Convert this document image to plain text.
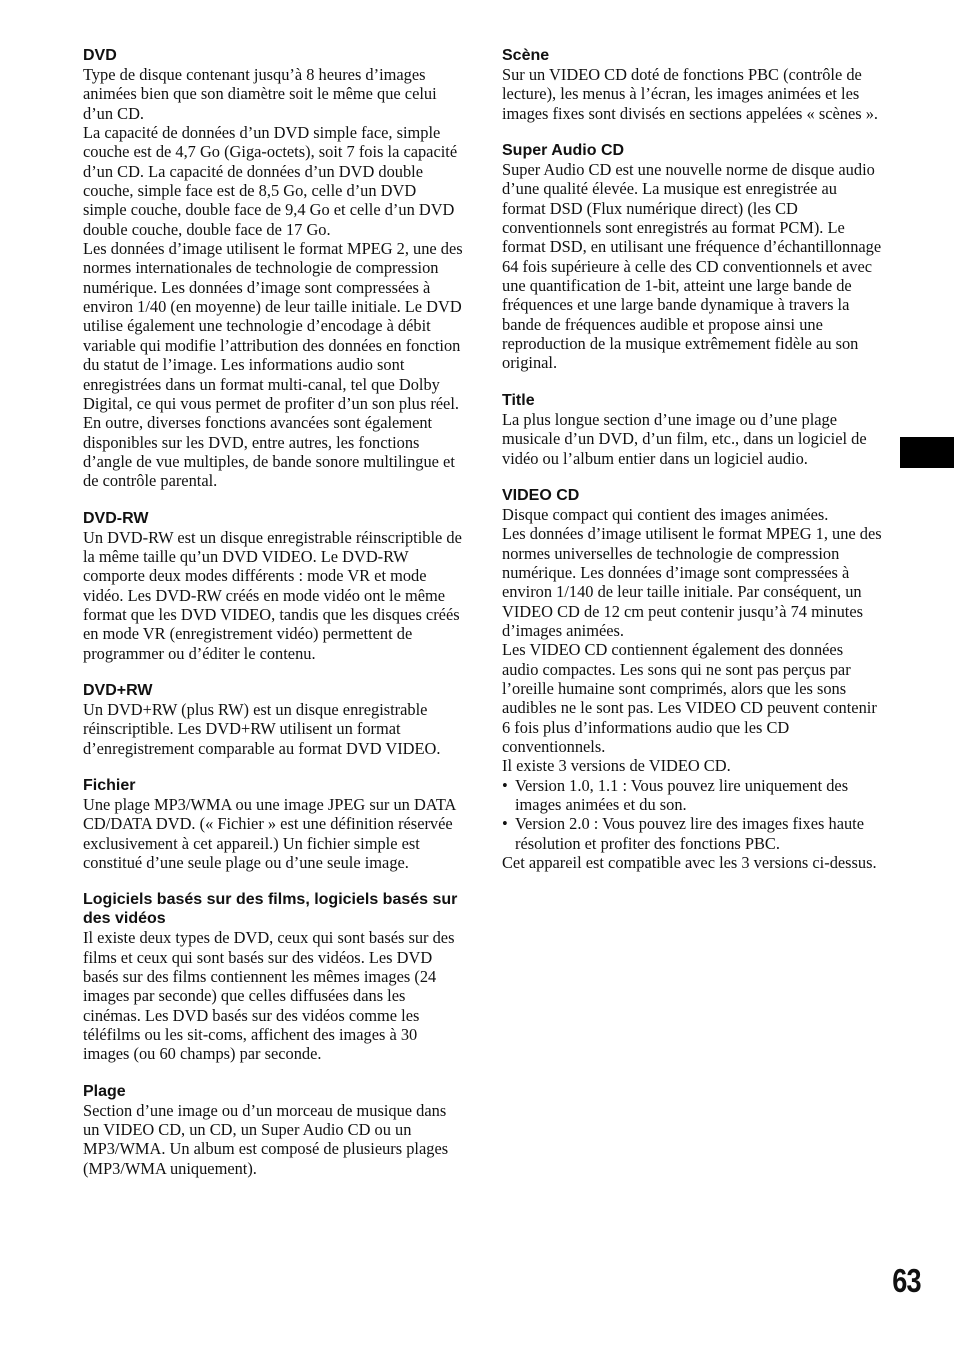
DVD

Type de disque contenant jusqu’à 8 heures d’images animées bien que son diamètre soit le même que celui d’un CD.

La capacité de données d’un DVD simple face, simple couche est de 4,7 Go (Giga-octets), soit 7 fois la capacité d’un CD. La capacité de données d’un DVD double couche, simple face est de 8,5 Go, celle d’un DVD simple couche, double face de 9,4 Go et celle d’un DVD double couche, double face de 17 Go.

Les données d’image utilisent le format MPEG 2, une des normes internationales de technologie de compression numérique. Les données d’image sont compressées à environ 1/40 (en moyenne) de leur taille initiale. Le DVD utilise également une technologie d’encodage à débit variable qui modifie l’attribution des données en fonction du statut de l’image. Les informations audio sont enregistrées dans un format multi-canal, tel que Dolby Digital, ce qui vous permet de profiter d’un son plus réel.

En outre, diverses fonctions avancées sont également disponibles sur les DVD, entre autres, les fonctions d’angle de vue multiples, de bande sonore multilingue et de contrôle parental.

DVD-RW

Un DVD-RW est un disque enregistrable réinscriptible de la même taille qu’un DVD VIDEO. Le DVD-RW comporte deux modes différents : mode VR et mode vidéo. Les DVD-RW créés en mode vidéo ont le même format que les DVD VIDEO, tandis que les disques créés en mode VR (enregistrement vidéo) permettent de programmer ou d’éditer le contenu.

DVD+RW

Un DVD+RW (plus RW) est un disque enregistrable réinscriptible. Les DVD+RW utilisent un format d’enregistrement comparable au format DVD VIDEO.

Fichier

Une plage MP3/WMA ou une image JPEG sur un DATA CD/DATA DVD. (« Fichier » est une définition réservée exclusivement à cet appareil.) Un fichier simple est constitué d’une seule plage ou d’une seule image.

Logiciels basés sur des films, logiciels basés sur des vidéos

Il existe deux types de DVD, ceux qui sont basés sur des films et ceux qui sont basés sur des vidéos. Les DVD basés sur des films contiennent les mêmes images (24 images par seconde) que celles diffusées dans les cinémas. Les DVD basés sur des vidéos comme les téléfilms ou les sit-coms, affichent des images à 30 images (ou 60 champs) par seconde.

Plage

Section d’une image ou d’un morceau de musique dans un VIDEO CD, un CD, un Super Audio CD ou un MP3/WMA. Un album est composé de plusieurs plages (MP3/WMA uniquement).

Scène

Sur un VIDEO CD doté de fonctions PBC (contrôle de lecture), les menus à l’écran, les images animées et les images fixes sont divisés en sections appelées « scènes ».

Super Audio CD

Super Audio CD est une nouvelle norme de disque audio d’une qualité élevée. La musique est enregistrée au format DSD (Flux numérique direct) (les CD conventionnels sont enregistrés au format PCM). Le format DSD, en utilisant une fréquence d’échantillonnage 64 fois supérieure à celle des CD conventionnels et avec une quantification de 1-bit, atteint une large bande de fréquences et une large bande dynamique à travers la bande de fréquences audible et propose ainsi une reproduction de la musique extrêmement fidèle au son original.

Title

La plus longue section d’une image ou d’une plage musicale d’un DVD, d’un film, etc., dans un logiciel de vidéo ou l’album entier dans un logiciel audio.

VIDEO CD

Disque compact qui contient des images animées.

Les données d’image utilisent le format MPEG 1, une des normes universelles de technologie de compression numérique. Les données d’image sont compressées à environ 1/140 de leur taille initiale. Par conséquent, un VIDEO CD de 12 cm peut contenir jusqu’à 74 minutes d’images animées.

Les VIDEO CD contiennent également des données audio compactes. Les sons qui ne sont pas perçus par l’oreille humaine sont comprimés, alors que les sons audibles ne le sont pas. Les VIDEO CD peuvent contenir 6 fois plus d’informations audio que les CD conventionnels.

Il existe 3 versions de VIDEO CD.

• Version 1.0, 1.1 : Vous pouvez lire uniquement des images animées et du son.

• Version 2.0 : Vous pouvez lire des images fixes haute résolution et profiter des fonctions PBC.

Cet appareil est compatible avec les 3 versions ci-dessus.

63
